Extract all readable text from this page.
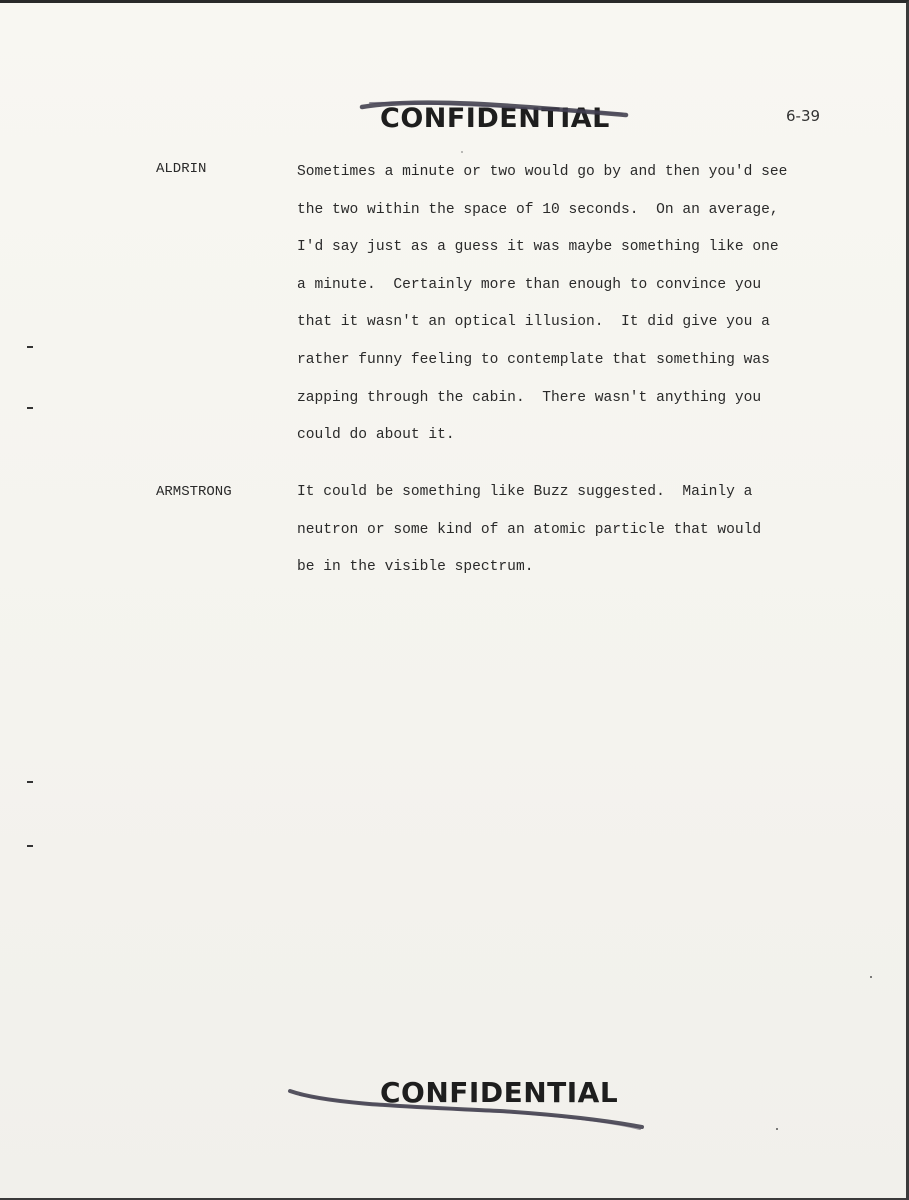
CONFIDENTIAL	6-39
ALDRIN	Sometimes a minute or two would go by and then you'd see
the two within the space of 10 seconds.  On an average,
I'd say just as a guess it was maybe something like one
a minute.  Certainly more than enough to convince you
that it wasn't an optical illusion.  It did give you a
rather funny feeling to contemplate that something was
zapping through the cabin.  There wasn't anything you
could do about it.
ARMSTRONG	It could be something like Buzz suggested.  Mainly a
neutron or some kind of an atomic particle that would
be in the visible spectrum.
CONFIDENTIAL
